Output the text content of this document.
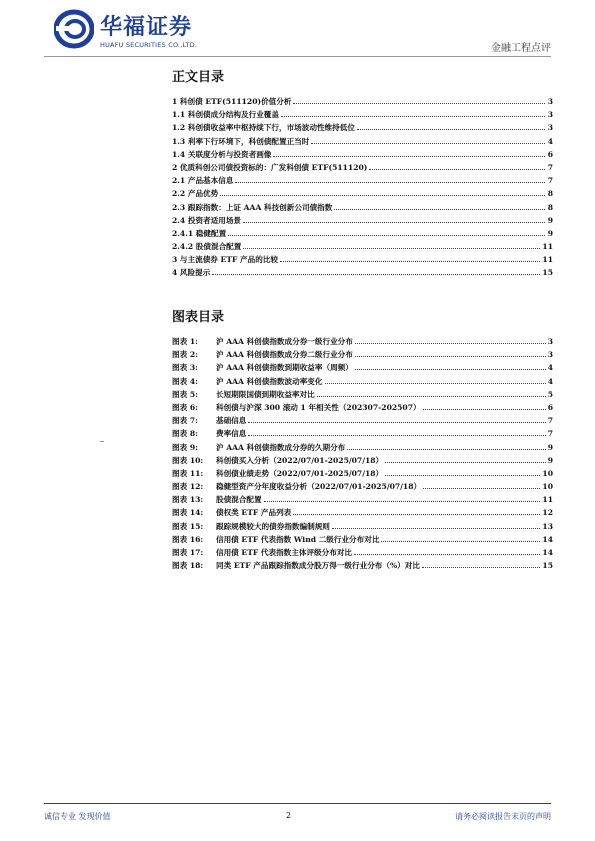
华福证券
HUAFU SECURITIES CO.,LTD.	金融工程点评
正文目录
1 科创债 ETF(511120)价值分析	3
1.1 科创债成分结构及行业覆盖	3
1.2 科创债收益率中枢持续下行，市场波动性维持低位	3
1.3 利率下行环境下，科创债配置正当时	4
1.4 关联度分析与投资者画像	6
2 优质科创公司债投资标的：广发科创债 ETF(511120)	7
2.1 产品基本信息	7
2.2 产品优势	8
2.3 跟踪指数：上证 AAA 科技创新公司债指数	8
2.4 投资者适用场景	9
2.4.1 稳健配置	9
2.4.2 股债混合配置	11
3 与主流债券 ETF 产品的比较	11
4 风险提示	15
图表目录
图表 1:	沪 AAA 科创债指数成分券一级行业分布	3
图表 2:	沪 AAA 科创债指数成分券二级行业分布	3
图表 3:	沪 AAA 科创债指数到期收益率（周频）	4
图表 4:	沪 AAA 科创债指数波动率变化	4
图表 5:	长短期限国债到期收益率对比	5
图表 6:	科创债与沪深 300 滚动 1 年相关性（202307-202507）	6
图表 7:	基础信息	7
图表 8:	费率信息	7
图表 9:	沪 AAA 科创债指数成分券的久期分布	9
图表 10:	科创债买入分析（2022/07/01-2025/07/18）	9
图表 11:	科创债业绩走势（2022/07/01-2025/07/18）	10
图表 12:	稳健型资产分年度收益分析（2022/07/01-2025/07/18）	10
图表 13:	股债混合配置	11
图表 14:	债权类 ETF 产品列表	12
图表 15:	跟踪规模较大的债券指数编制规则	13
图表 16:	信用债 ETF 代表指数 Wind 二级行业分布对比	14
图表 17:	信用债 ETF 代表指数主体评级分布对比	14
图表 18:	同类 ETF 产品跟踪指数成分股万得一级行业分布（%）对比	15
诚信专业 发现价值	2	请务必阅读报告末页的声明
